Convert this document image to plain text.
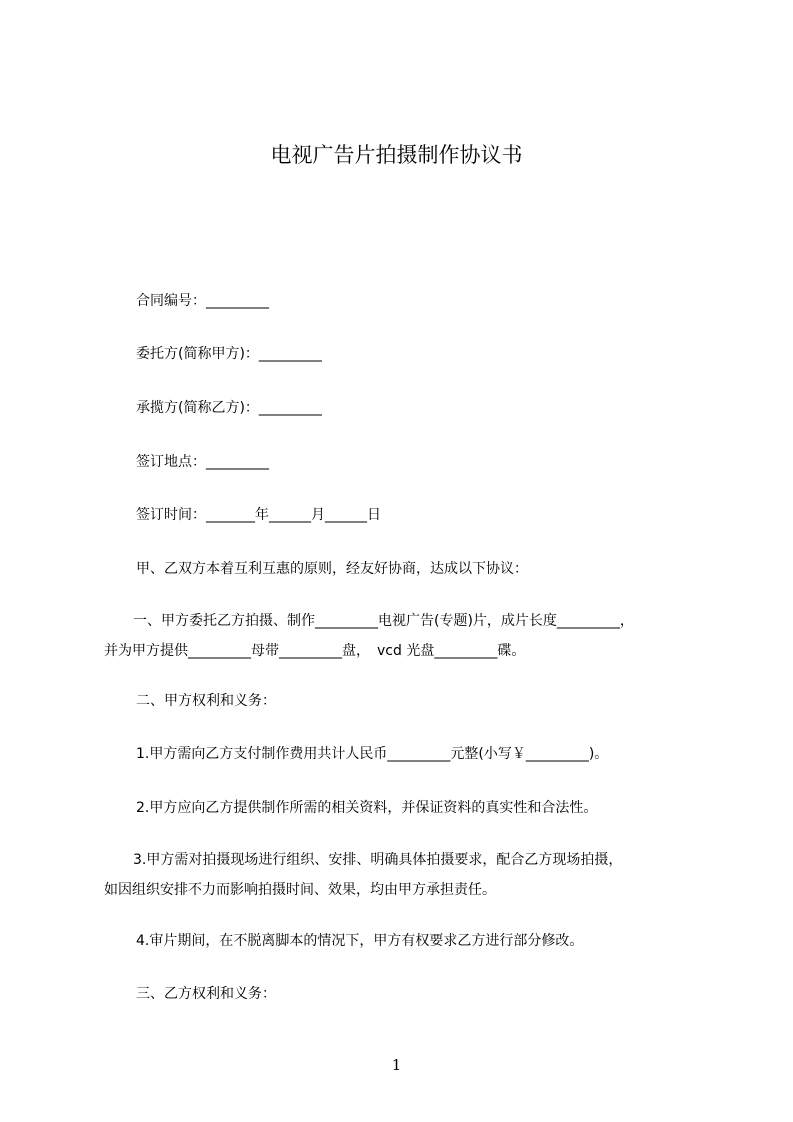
电视广告片拍摄制作协议书

合同编号：_________

委托方(简称甲方)：_________

承揽方(简称乙方)：_________

签订地点：_________

签订时间：_______年______月______日

甲、乙双方本着互利互惠的原则，经友好协商，达成以下协议：

一、甲方委托乙方拍摄、制作_________电视广告(专题)片，成片长度_________，
并为甲方提供_________母带_________盘，　vcd 光盘_________碟。

二、甲方权利和义务：

1.甲方需向乙方支付制作费用共计人民币_________元整(小写￥_________)。

2.甲方应向乙方提供制作所需的相关资料，并保证资料的真实性和合法性。

3.甲方需对拍摄现场进行组织、安排、明确具体拍摄要求，配合乙方现场拍摄，
如因组织安排不力而影响拍摄时间、效果，均由甲方承担责任。

4.审片期间，在不脱离脚本的情况下，甲方有权要求乙方进行部分修改。

三、乙方权利和义务：

1
